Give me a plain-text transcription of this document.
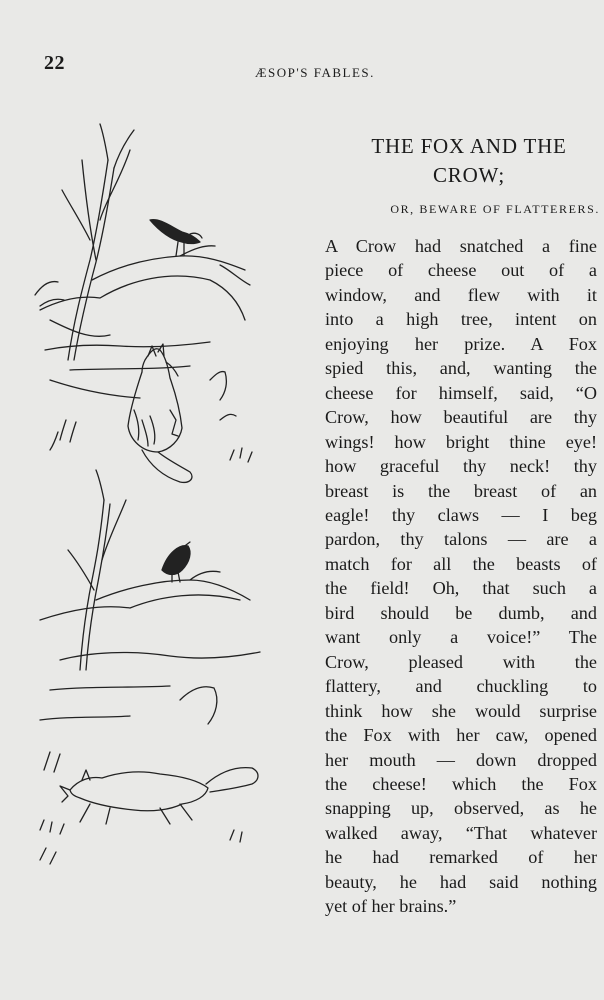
22	ÆSOP'S FABLES.
THE FOX AND THE CROW;

OR, BEWARE OF FLATTERERS.

A Crow had snatched a fine
piece of cheese out of a
window, and flew with it
into a high tree, intent on
enjoying her prize. A Fox
spied this, and, wanting the
cheese for himself, said, “O
Crow, how beautiful are thy
wings! how bright thine eye!
how graceful thy neck! thy
breast is the breast of an
eagle! thy claws — I beg
pardon, thy talons — are a
match for all the beasts of
the field! Oh, that such a
bird should be dumb, and
want only a voice!” The
Crow, pleased with the
flattery, and chuckling to
think how she would surprise
the Fox with her caw, opened
her mouth — down dropped
the cheese! which the Fox
snapping up, observed, as he
walked away, “That whatever
he had remarked of her
beauty, he had said nothing
yet of her brains.”
